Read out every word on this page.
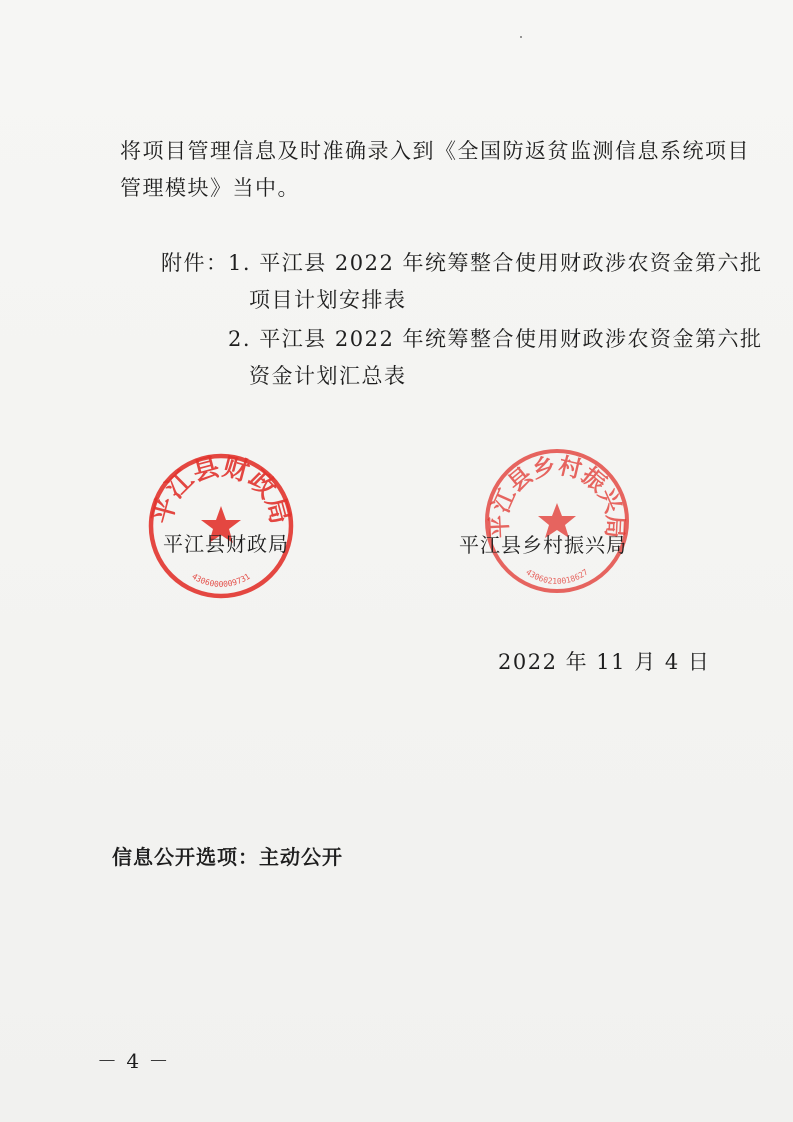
将项目管理信息及时准确录入到《全国防返贫监测信息系统项目
管理模块》当中。
附件： 1. 平江县 2022 年统筹整合使用财政涉农资金第六批
项目计划安排表
2. 平江县 2022 年统筹整合使用财政涉农资金第六批
资金计划汇总表
平江县财政局
4306000009731
平江县乡村振兴局
43060210018627
平江县财政局	平江县乡村振兴局
2022 年 11 月 4 日
信息公开选项：主动公开
－ 4 －
